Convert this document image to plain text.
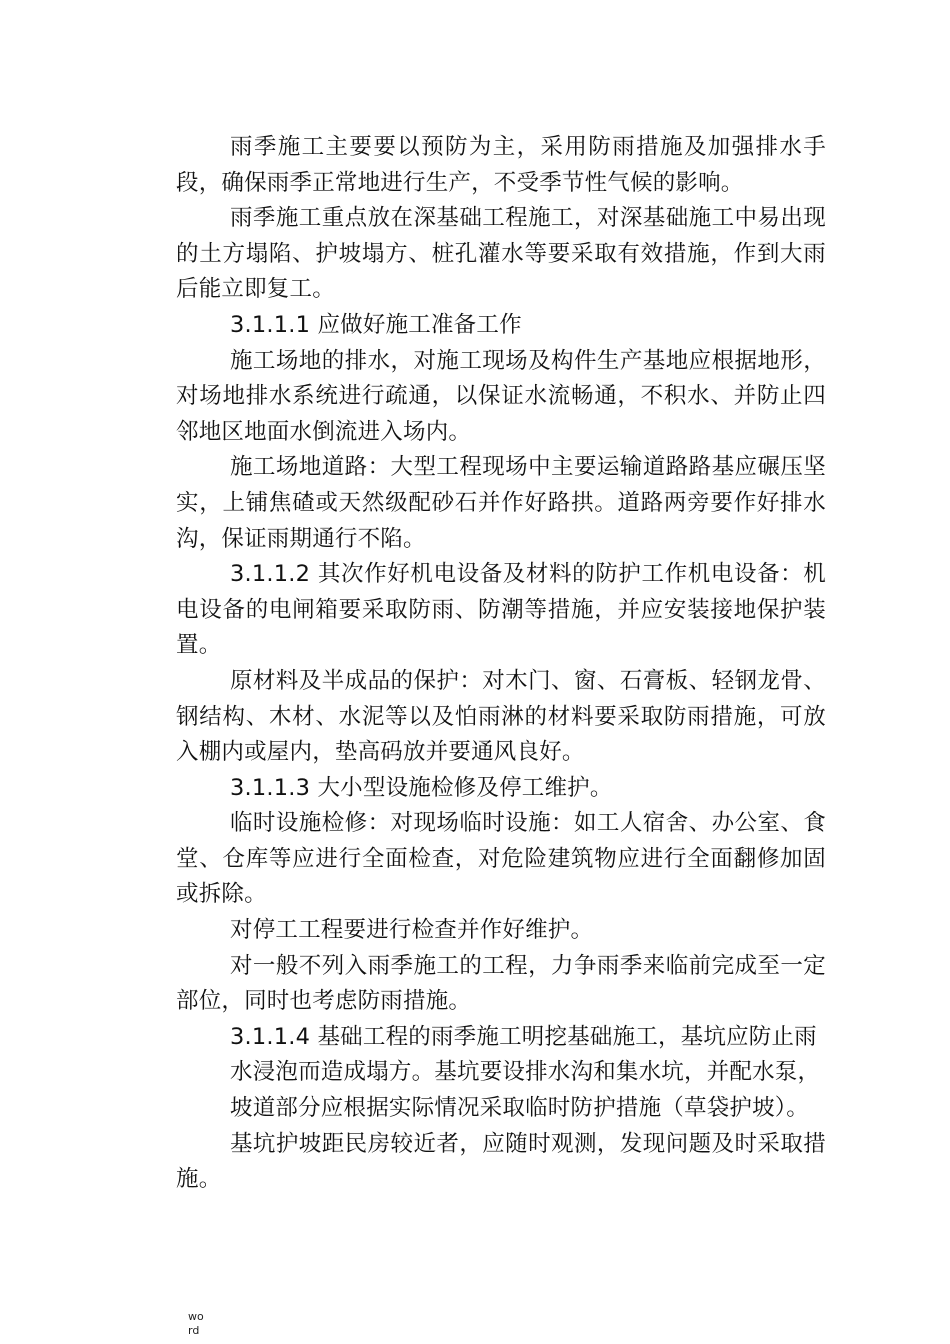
雨季施工主要要以预防为主，采用防雨措施及加强排水手段，确保雨季正常地进行生产，不受季节性气候的影响。

雨季施工重点放在深基础工程施工，对深基础施工中易出现的土方塌陷、护坡塌方、桩孔灌水等要采取有效措施，作到大雨后能立即复工。

3.1.1.1 应做好施工准备工作

施工场地的排水，对施工现场及构件生产基地应根据地形，对场地排水系统进行疏通，以保证水流畅通，不积水、并防止四邻地区地面水倒流进入场内。

施工场地道路：大型工程现场中主要运输道路路基应碾压坚实，上铺焦碴或天然级配砂石并作好路拱。道路两旁要作好排水沟，保证雨期通行不陷。

3.1.1.2 其次作好机电设备及材料的防护工作机电设备：机电设备的电闸箱要采取防雨、防潮等措施，并应安装接地保护装置。

原材料及半成品的保护：对木门、窗、石膏板、轻钢龙骨、钢结构、木材、水泥等以及怕雨淋的材料要采取防雨措施，可放入棚内或屋内，垫高码放并要通风良好。

3.1.1.3 大小型设施检修及停工维护。

临时设施检修：对现场临时设施：如工人宿舍、办公室、食堂、仓库等应进行全面检查，对危险建筑物应进行全面翻修加固或拆除。

对停工工程要进行检查并作好维护。

对一般不列入雨季施工的工程，力争雨季来临前完成至一定部位，同时也考虑防雨措施。

3.1.1.4 基础工程的雨季施工明挖基础施工，基坑应防止雨
水浸泡而造成塌方。基坑要设排水沟和集水坑，并配水泵，
坡道部分应根据实际情况采取临时防护措施（草袋护坡）。

基坑护坡距民房较近者，应随时观测，发现问题及时采取措施。

word
